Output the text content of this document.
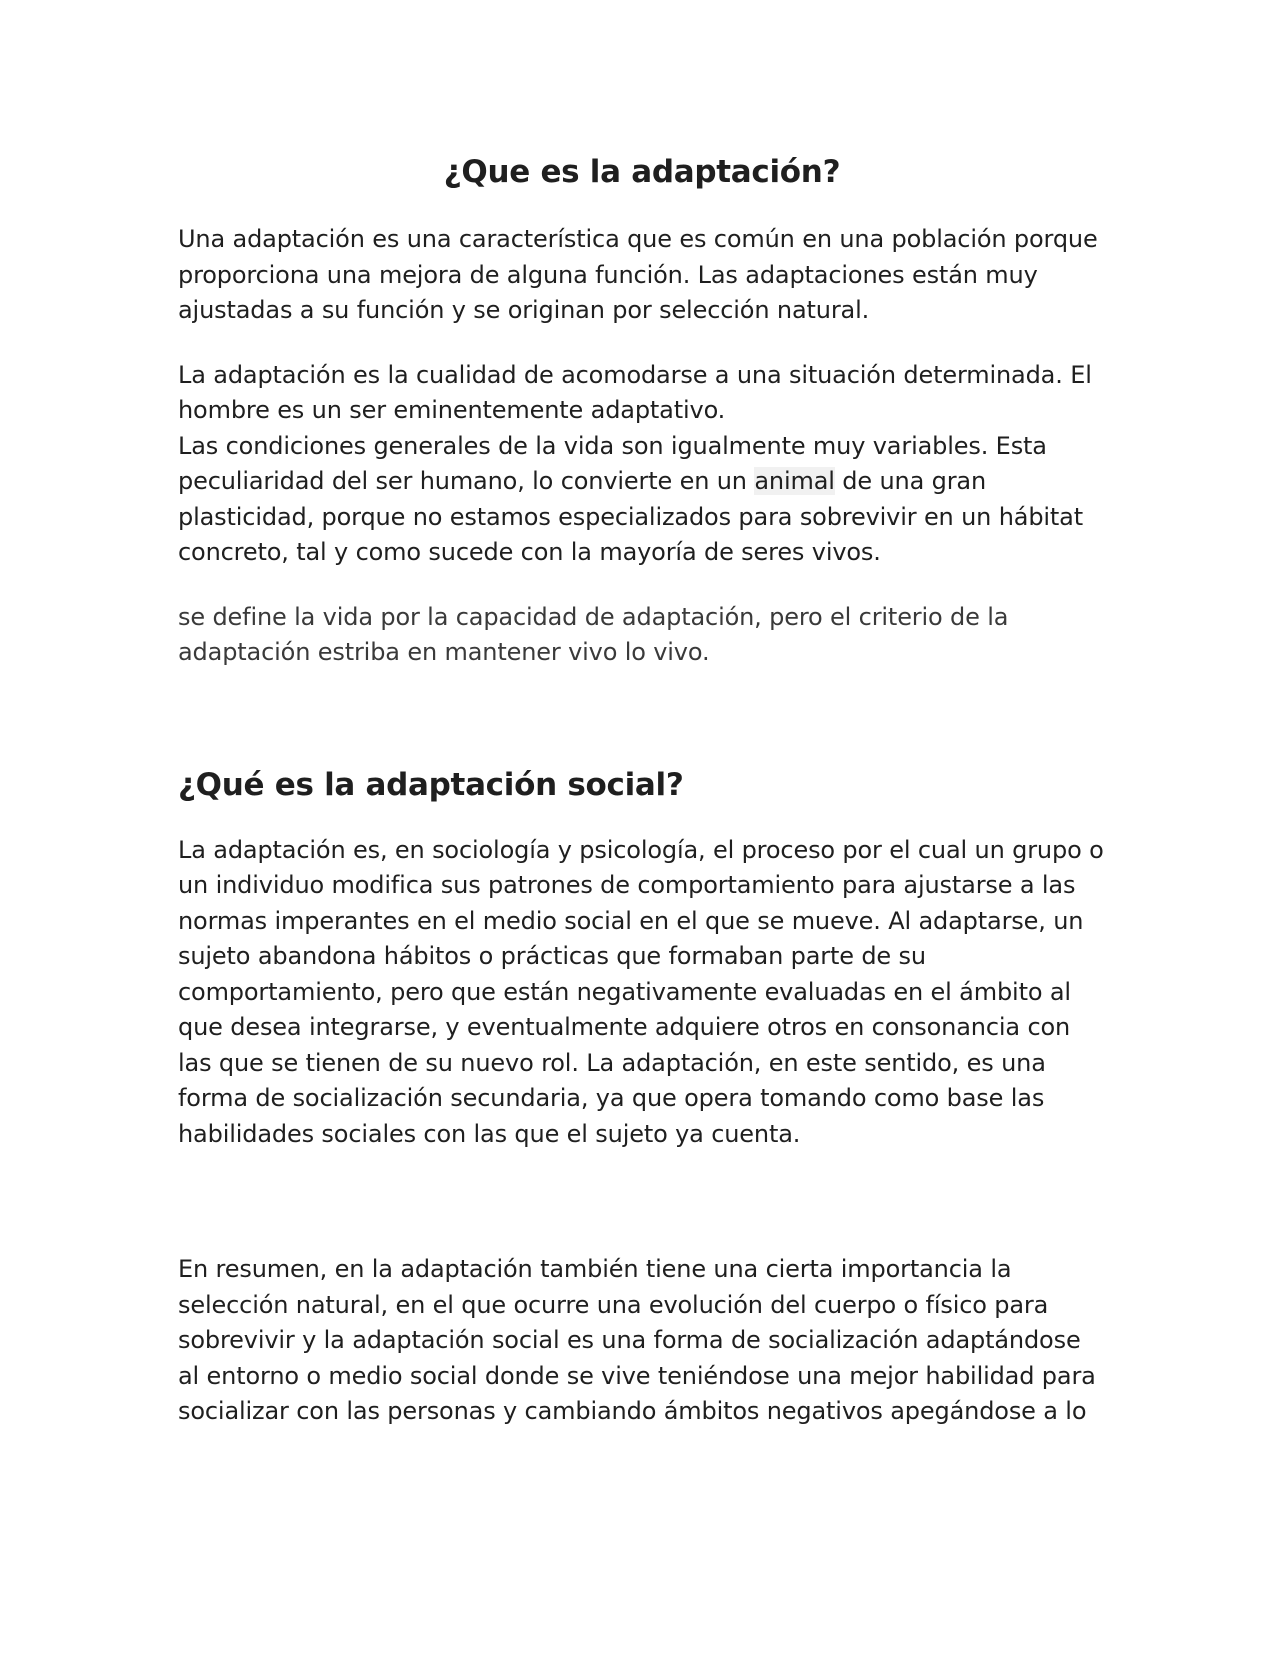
¿Que es la adaptación?

Una adaptación es una característica que es común en una población porque proporciona una mejora de alguna función. Las adaptaciones están muy ajustadas a su función y se originan por selección natural.

La adaptación es la cualidad de acomodarse a una situación determinada. El hombre es un ser eminentemente adaptativo.
Las condiciones generales de la vida son igualmente muy variables. Esta peculiaridad del ser humano, lo convierte en un animal de una gran plasticidad, porque no estamos especializados para sobrevivir en un hábitat concreto, tal y como sucede con la mayoría de seres vivos.

se define la vida por la capacidad de adaptación, pero el criterio de la adaptación estriba en mantener vivo lo vivo.

¿Qué es la adaptación social?

La adaptación es, en sociología y psicología, el proceso por el cual un grupo o un individuo modifica sus patrones de comportamiento para ajustarse a las normas imperantes en el medio social en el que se mueve. Al adaptarse, un sujeto abandona hábitos o prácticas que formaban parte de su comportamiento, pero que están negativamente evaluadas en el ámbito al que desea integrarse, y eventualmente adquiere otros en consonancia con las que se tienen de su nuevo rol. La adaptación, en este sentido, es una forma de socialización secundaria, ya que opera tomando como base las habilidades sociales con las que el sujeto ya cuenta.

En resumen, en la adaptación también tiene una cierta importancia la selección natural, en el que ocurre una evolución del cuerpo o físico para sobrevivir y la adaptación social es una forma de socialización adaptándose al entorno o medio social donde se vive teniéndose una mejor habilidad para socializar con las personas y cambiando ámbitos negativos apegándose a lo
